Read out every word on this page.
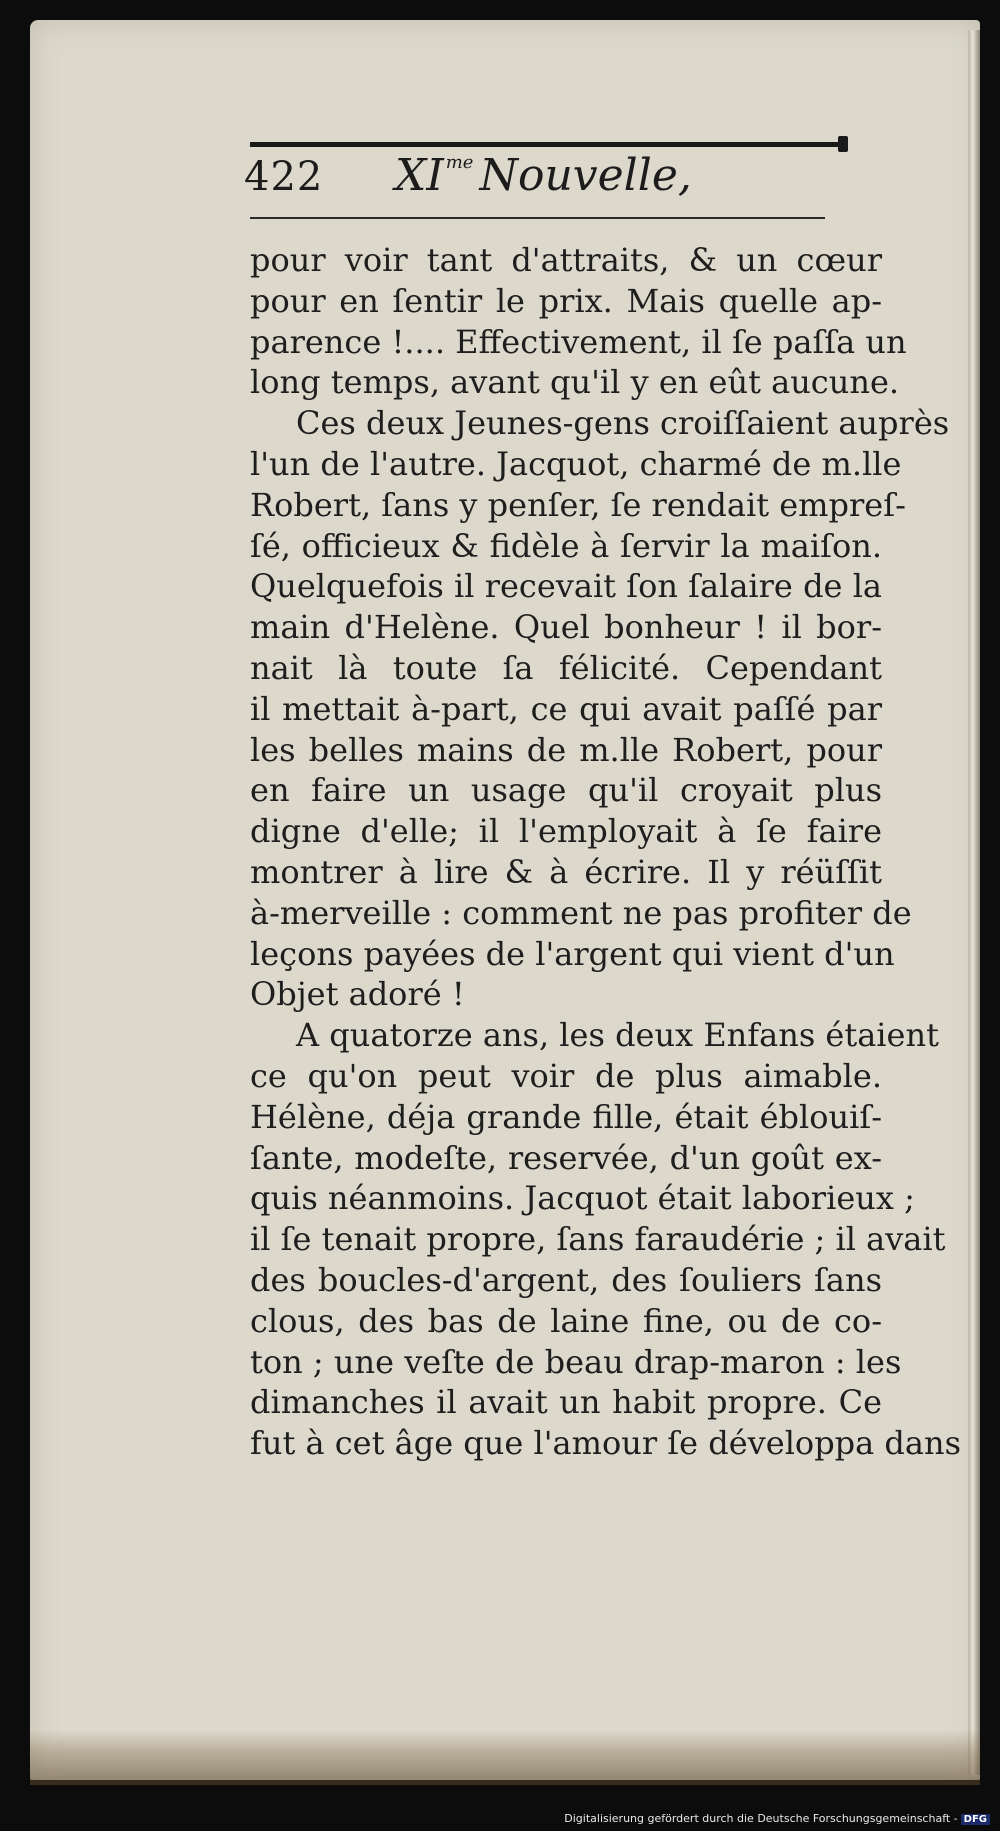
422 XI $^{me}$ Nouvelle,
pour voir tant d'attraits, & un cœur
pour en ſentir le prix. Mais quelle ap-
parence !.... Effectivement, il ſe paſſa un
long temps, avant qu'il y en eût aucune.
Ces deux Jeunes-gens croiſſaient auprès
l'un de l'autre. Jacquot, charmé de m.lle
Robert, ſans y penſer, ſe rendait empreſ-
ſé, officieux & fidèle à ſervir la maiſon.
Quelquefois il recevait ſon ſalaire de la
main d'Helène. Quel bonheur ! il bor-
nait là toute ſa félicité. Cependant
il mettait à-part, ce qui avait paſſé par
les belles mains de m.lle Robert, pour
en faire un usage qu'il croyait plus
digne d'elle; il l'employait à ſe faire
montrer à lire & à écrire. Il y réüſſit
à-merveille : comment ne pas profiter de
leçons payées de l'argent qui vient d'un
Objet adoré !
A quatorze ans, les deux Enfans étaient
ce qu'on peut voir de plus aimable.
Hélène, déja grande fille, était éblouiſ-
ſante, modeſte, reservée, d'un goût ex-
quis néanmoins. Jacquot était laborieux ;
il ſe tenait propre, ſans faraudérie ; il avait
des boucles-d'argent, des ſouliers ſans
clous, des bas de laine fine, ou de co-
ton ; une veſte de beau drap-maron : les
dimanches il avait un habit propre. Ce
fut à cet âge que l'amour ſe développa dans
Digitalisierung gefördert durch die Deutsche Forschungsgemeinschaft - DFG
